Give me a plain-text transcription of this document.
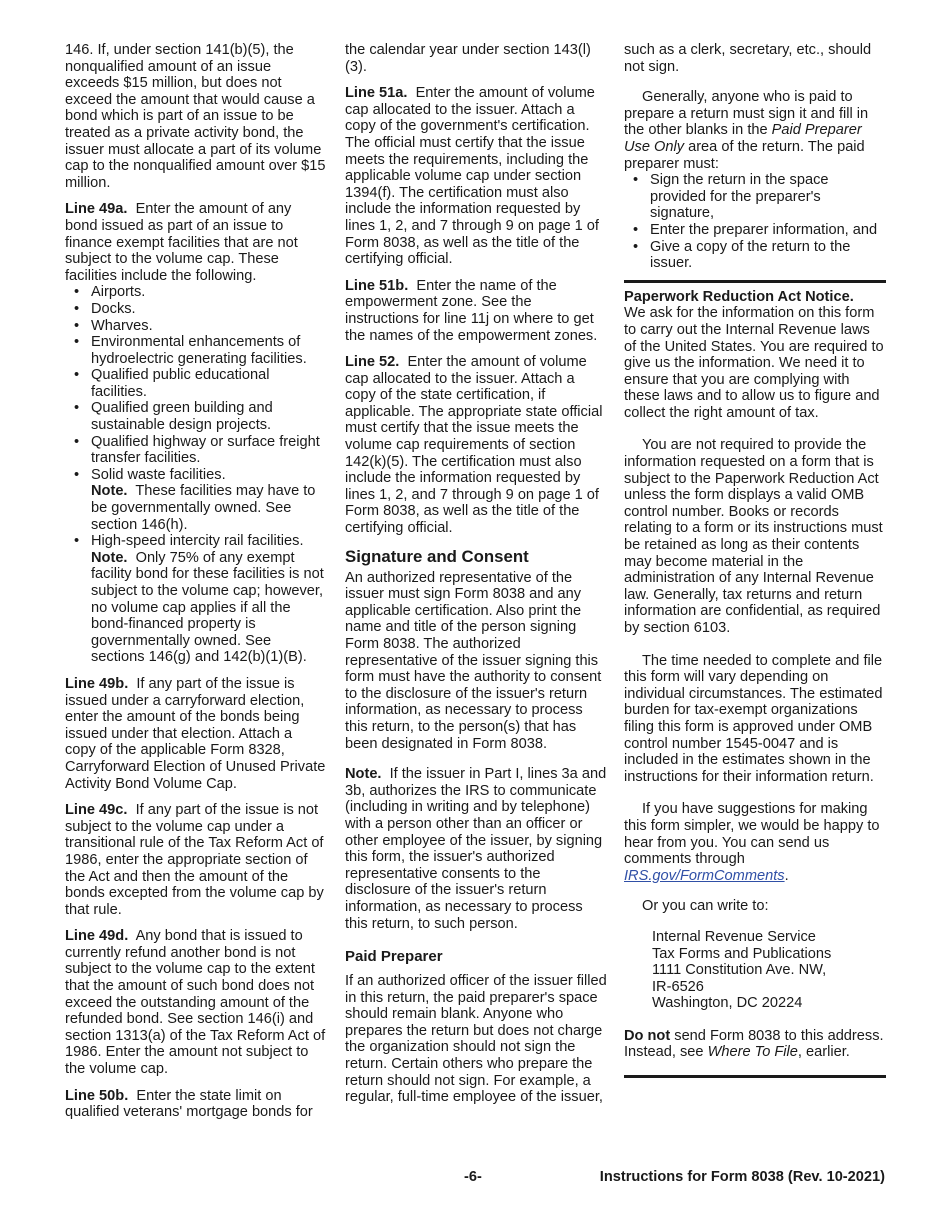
146. If, under section 141(b)(5), the nonqualified amount of an issue exceeds $15 million, but does not exceed the amount that would cause a bond which is part of an issue to be treated as a private activity bond, the issuer must allocate a part of its volume cap to the nonqualified amount over $15 million.

Line 49a. Enter the amount of any bond issued as part of an issue to finance exempt facilities that are not subject to the volume cap. These facilities include the following.

• Airports.
• Docks.
• Wharves.
• Environmental enhancements of hydroelectric generating facilities.
• Qualified public educational facilities.
• Qualified green building and sustainable design projects.
• Qualified highway or surface freight transfer facilities.
• Solid waste facilities.
Note. These facilities may have to be governmentally owned. See section 146(h).
• High-speed intercity rail facilities.
Note. Only 75% of any exempt facility bond for these facilities is not subject to the volume cap; however, no volume cap applies if all the bond-financed property is governmentally owned. See sections 146(g) and 142(b)(1)(B).

Line 49b. If any part of the issue is issued under a carryforward election, enter the amount of the bonds being issued under that election. Attach a copy of the applicable Form 8328, Carryforward Election of Unused Private Activity Bond Volume Cap.

Line 49c. If any part of the issue is not subject to the volume cap under a transitional rule of the Tax Reform Act of 1986, enter the appropriate section of the Act and then the amount of the bonds excepted from the volume cap by that rule.

Line 49d. Any bond that is issued to currently refund another bond is not subject to the volume cap to the extent that the amount of such bond does not exceed the outstanding amount of the refunded bond. See section 146(i) and section 1313(a) of the Tax Reform Act of 1986. Enter the amount not subject to the volume cap.

Line 50b. Enter the state limit on qualified veterans' mortgage bonds for

the calendar year under section 143(l)(3).

Line 51a. Enter the amount of volume cap allocated to the issuer. Attach a copy of the government's certification. The official must certify that the issue meets the requirements, including the applicable volume cap under section 1394(f). The certification must also include the information requested by lines 1, 2, and 7 through 9 on page 1 of Form 8038, as well as the title of the certifying official.

Line 51b. Enter the name of the empowerment zone. See the instructions for line 11j on where to get the names of the empowerment zones.

Line 52. Enter the amount of volume cap allocated to the issuer. Attach a copy of the state certification, if applicable. The appropriate state official must certify that the issue meets the volume cap requirements of section 142(k)(5). The certification must also include the information requested by lines 1, 2, and 7 through 9 on page 1 of Form 8038, as well as the title of the certifying official.

Signature and Consent

An authorized representative of the issuer must sign Form 8038 and any applicable certification. Also print the name and title of the person signing Form 8038. The authorized representative of the issuer signing this form must have the authority to consent to the disclosure of the issuer's return information, as necessary to process this return, to the person(s) that has been designated in Form 8038.

Note. If the issuer in Part I, lines 3a and 3b, authorizes the IRS to communicate (including in writing and by telephone) with a person other than an officer or other employee of the issuer, by signing this form, the issuer's authorized representative consents to the disclosure of the issuer's return information, as necessary to process this return, to such person.

Paid Preparer

If an authorized officer of the issuer filled in this return, the paid preparer's space should remain blank. Anyone who prepares the return but does not charge the organization should not sign the return. Certain others who prepare the return should not sign. For example, a regular, full-time employee of the issuer,

such as a clerk, secretary, etc., should not sign.

Generally, anyone who is paid to prepare a return must sign it and fill in the other blanks in the Paid Preparer Use Only area of the return. The paid preparer must:

• Sign the return in the space provided for the preparer's signature,
• Enter the preparer information, and
• Give a copy of the return to the issuer.

Paperwork Reduction Act Notice.
We ask for the information on this form to carry out the Internal Revenue laws of the United States. You are required to give us the information. We need it to ensure that you are complying with these laws and to allow us to figure and collect the right amount of tax.

You are not required to provide the information requested on a form that is subject to the Paperwork Reduction Act unless the form displays a valid OMB control number. Books or records relating to a form or its instructions must be retained as long as their contents may become material in the administration of any Internal Revenue law. Generally, tax returns and return information are confidential, as required by section 6103.

The time needed to complete and file this form will vary depending on individual circumstances. The estimated burden for tax-exempt organizations filing this form is approved under OMB control number 1545-0047 and is included in the estimates shown in the instructions for their information return.

If you have suggestions for making this form simpler, we would be happy to hear from you. You can send us comments through IRS.gov/FormComments.

Or you can write to:

Internal Revenue Service
Tax Forms and Publications
1111 Constitution Ave. NW,
IR-6526
Washington, DC 20224

Do not send Form 8038 to this address. Instead, see Where To File, earlier.

-6-	Instructions for Form 8038 (Rev. 10-2021)
